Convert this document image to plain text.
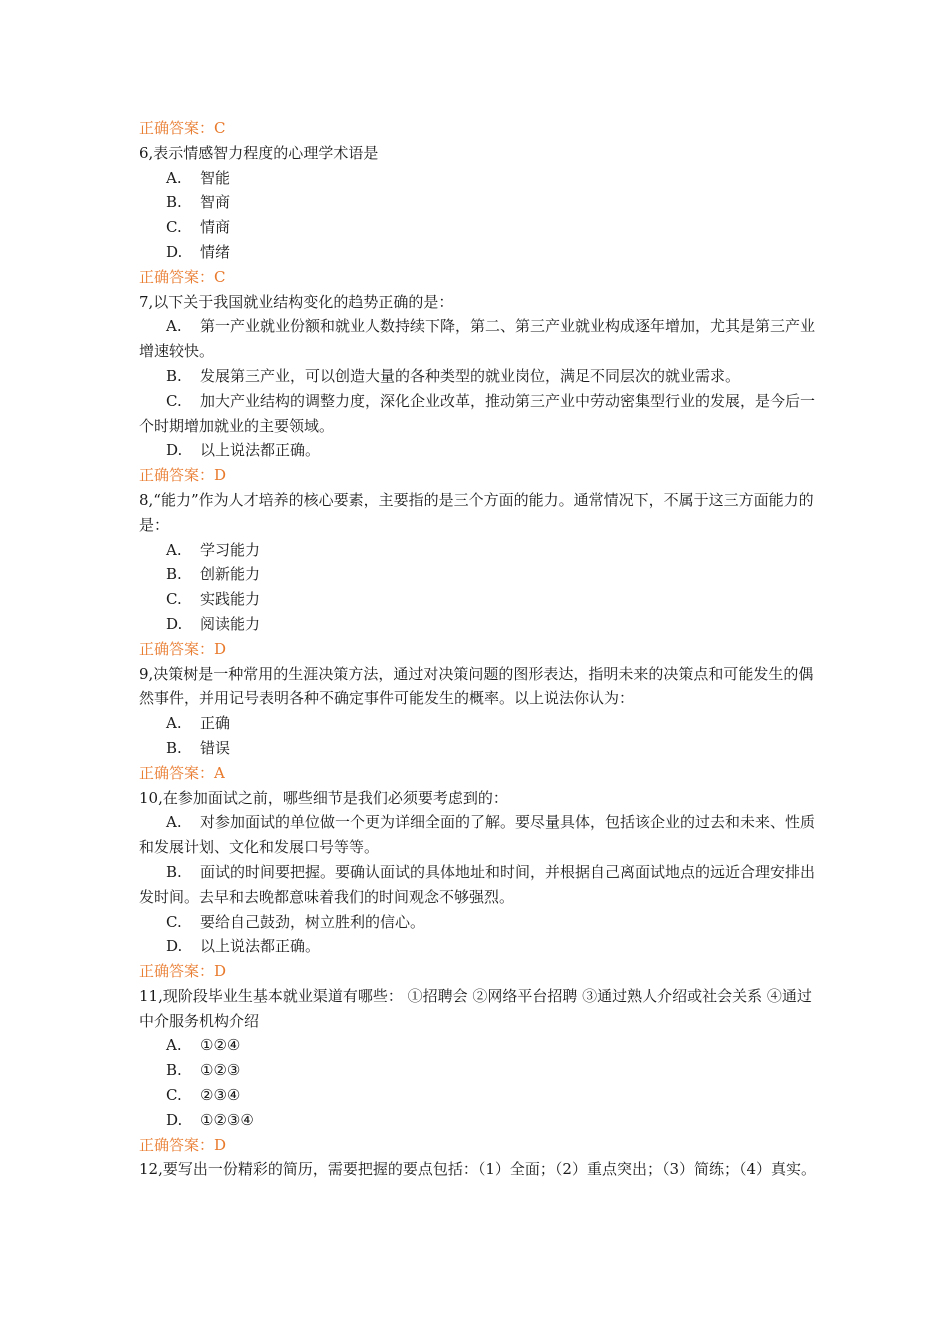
正确答案：C
6,表示情感智力程度的心理学术语是
A. 智能
B. 智商
C. 情商
D. 情绪
正确答案：C
7,以下关于我国就业结构变化的趋势正确的是：
A. 第一产业就业份额和就业人数持续下降，第二、第三产业就业构成逐年增加，尤其是第三产业增速较快。
B. 发展第三产业，可以创造大量的各种类型的就业岗位，满足不同层次的就业需求。
C. 加大产业结构的调整力度，深化企业改革，推动第三产业中劳动密集型行业的发展，是今后一个时期增加就业的主要领域。
D. 以上说法都正确。
正确答案：D
8,“能力”作为人才培养的核心要素，主要指的是三个方面的能力。通常情况下，不属于这三方面能力的是：
A. 学习能力
B. 创新能力
C. 实践能力
D. 阅读能力
正确答案：D
9,决策树是一种常用的生涯决策方法，通过对决策问题的图形表达，指明未来的决策点和可能发生的偶然事件，并用记号表明各种不确定事件可能发生的概率。以上说法你认为：
A. 正确
B. 错误
正确答案：A
10,在参加面试之前，哪些细节是我们必须要考虑到的：
A. 对参加面试的单位做一个更为详细全面的了解。要尽量具体，包括该企业的过去和未来、性质和发展计划、文化和发展口号等等。
B. 面试的时间要把握。要确认面试的具体地址和时间，并根据自己离面试地点的远近合理安排出发时间。去早和去晚都意味着我们的时间观念不够强烈。
C. 要给自己鼓劲，树立胜利的信心。
D. 以上说法都正确。
正确答案：D
11,现阶段毕业生基本就业渠道有哪些： ①招聘会 ②网络平台招聘 ③通过熟人介绍或社会关系 ④通过中介服务机构介绍
A. ①②④
B. ①②③
C. ②③④
D. ①②③④
正确答案：D
12,要写出一份精彩的简历，需要把握的要点包括：（1）全面；（2）重点突出；（3）简练；（4）真实。
